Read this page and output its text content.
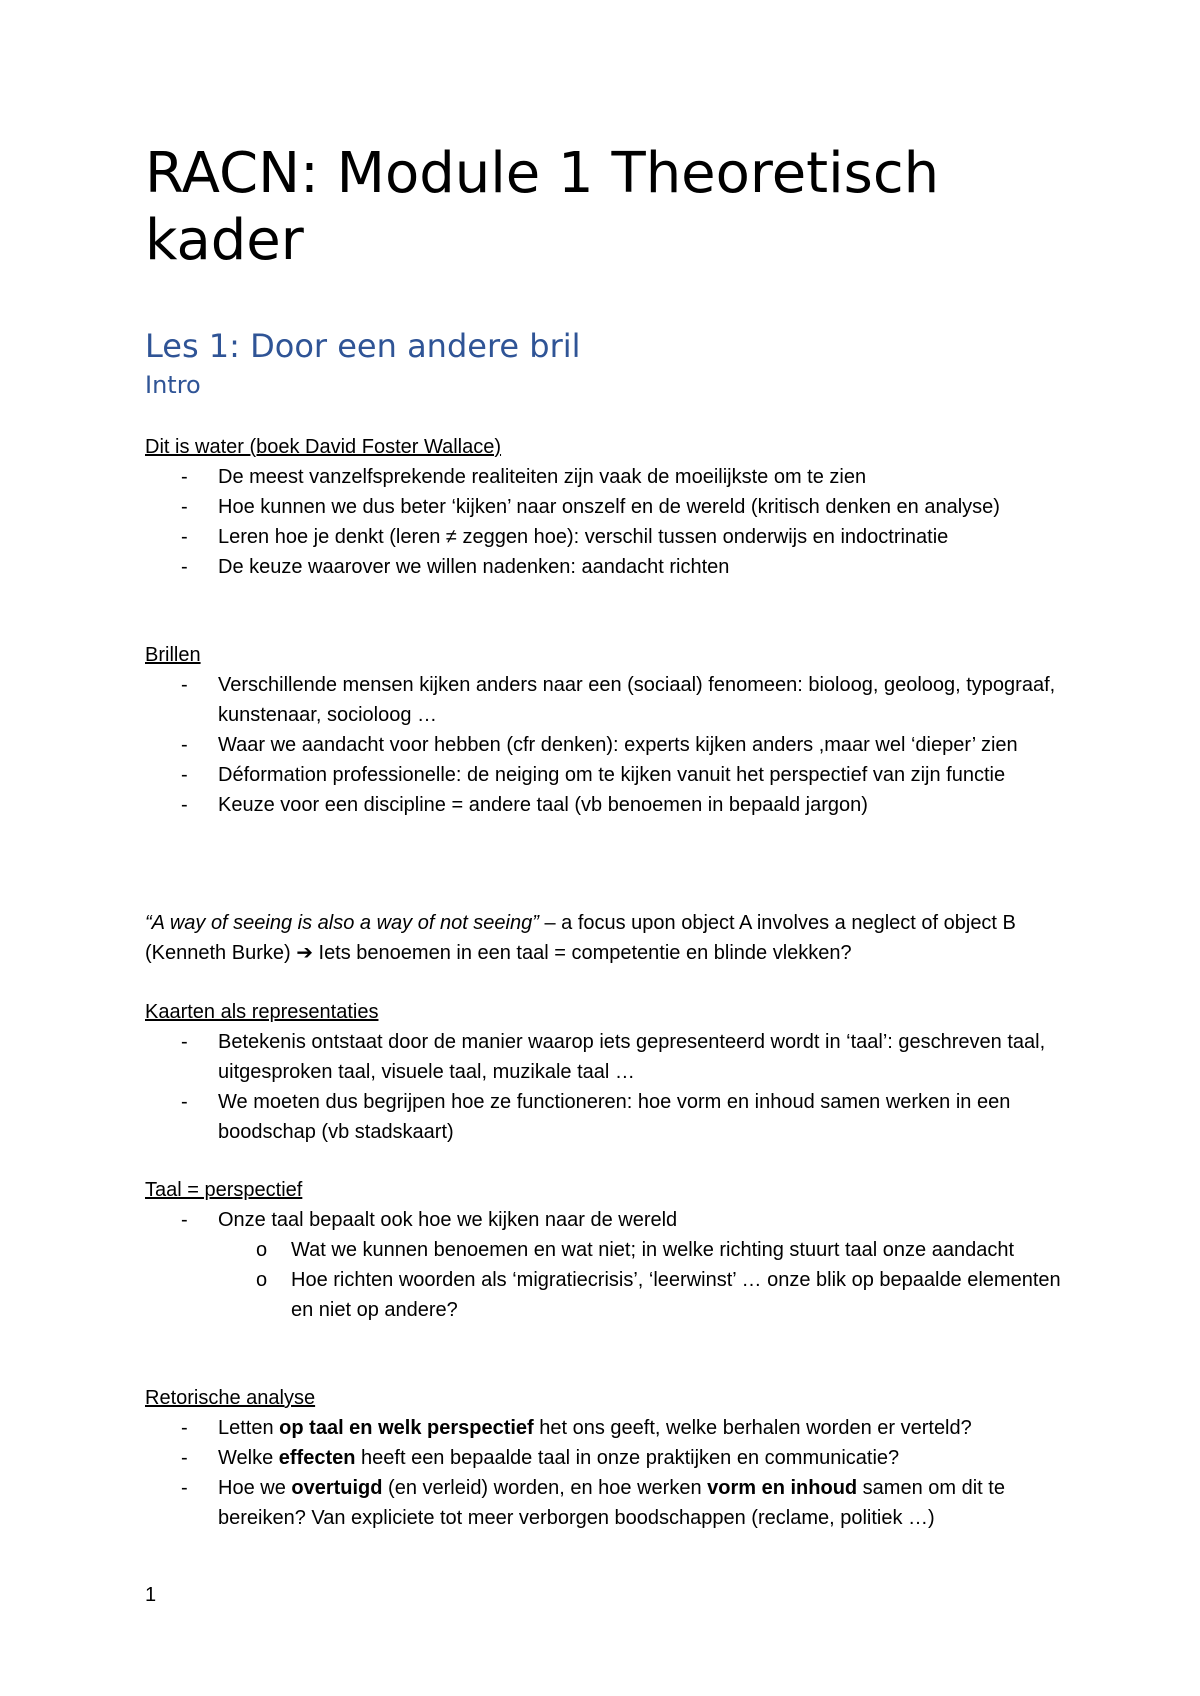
RACN: Module 1 Theoretisch kader
Les 1: Door een andere bril
Intro
Dit is water (boek David Foster Wallace)
- De meest vanzelfsprekende realiteiten zijn vaak de moeilijkste om te zien
- Hoe kunnen we dus beter ‘kijken’ naar onszelf en de wereld (kritisch denken en analyse)
- Leren hoe je denkt (leren ≠ zeggen hoe): verschil tussen onderwijs en indoctrinatie
- De keuze waarover we willen nadenken: aandacht richten
Brillen
- Verschillende mensen kijken anders naar een (sociaal) fenomeen: bioloog, geoloog, typograaf, kunstenaar, socioloog …
- Waar we aandacht voor hebben (cfr denken): experts kijken anders ,maar wel ‘dieper’ zien
- Déformation professionelle: de neiging om te kijken vanuit het perspectief van zijn functie
- Keuze voor een discipline = andere taal (vb benoemen in bepaald jargon)
“A way of seeing is also a way of not seeing” – a focus upon object A involves a neglect of object B (Kenneth Burke) ➔ Iets benoemen in een taal = competentie en blinde vlekken?
Kaarten als representaties
- Betekenis ontstaat door de manier waarop iets gepresenteerd wordt in ‘taal’: geschreven taal, uitgesproken taal, visuele taal, muzikale taal …
- We moeten dus begrijpen hoe ze functioneren: hoe vorm en inhoud samen werken in een boodschap (vb stadskaart)
Taal = perspectief
- Onze taal bepaalt ook hoe we kijken naar de wereld
o Wat we kunnen benoemen en wat niet; in welke richting stuurt taal onze aandacht
o Hoe richten woorden als ‘migratiecrisis’, ‘leerwinst’ … onze blik op bepaalde elementen en niet op andere?
Retorische analyse
- Letten op taal en welk perspectief het ons geeft, welke berhalen worden er verteld?
- Welke effecten heeft een bepaalde taal in onze praktijken en communicatie?
- Hoe we overtuigd (en verleid) worden, en hoe werken vorm en inhoud samen om dit te bereiken? Van expliciete tot meer verborgen boodschappen (reclame, politiek …)
1
